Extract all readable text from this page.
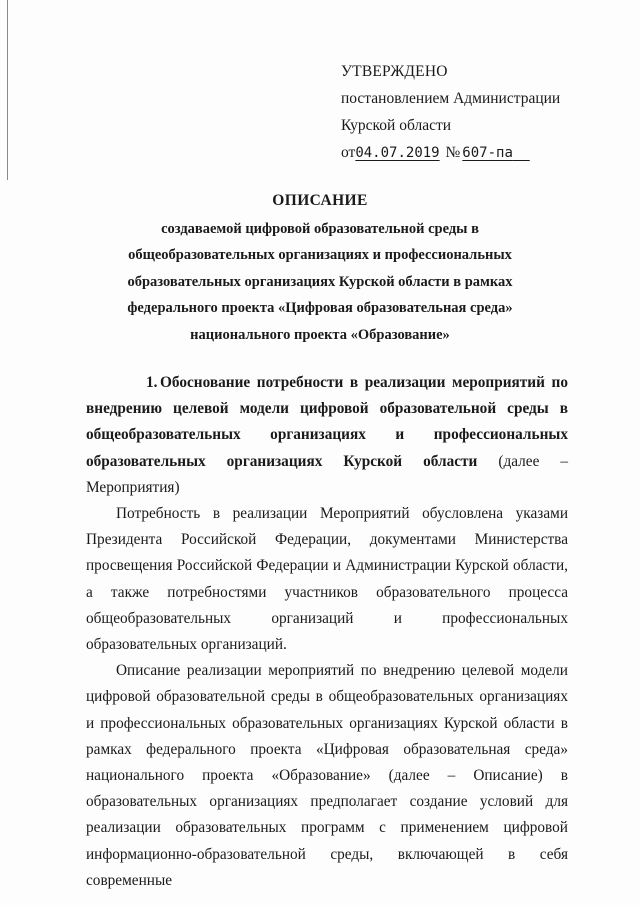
УТВЕРЖДЕНО
постановлением Администрации
Курской области
от04.07.2019 № 607-па
ОПИСАНИЕ
создаваемой цифровой образовательной среды в
общеобразовательных организациях и профессиональных
образовательных организациях Курской области в рамках
федерального проекта «Цифровая образовательная среда»
национального проекта «Образование»

1. Обоснование потребности в реализации мероприятий по внедрению целевой модели цифровой образовательной среды в общеобразовательных организациях и профессиональных образовательных организациях Курской области (далее – Мероприятия)

Потребность в реализации Мероприятий обусловлена указами Президента Российской Федерации, документами Министерства просвещения Российской Федерации и Администрации Курской области, а также потребностями участников образовательного процесса общеобразовательных организаций и профессиональных образовательных организаций.

Описание реализации мероприятий по внедрению целевой модели цифровой образовательной среды в общеобразовательных организациях и профессиональных образовательных организациях Курской области в рамках федерального проекта «Цифровая образовательная среда» национального проекта «Образование» (далее – Описание) в образовательных организациях предполагает создание условий для реализации образовательных программ с применением цифровой информационно-образовательной среды, включающей в себя современные
